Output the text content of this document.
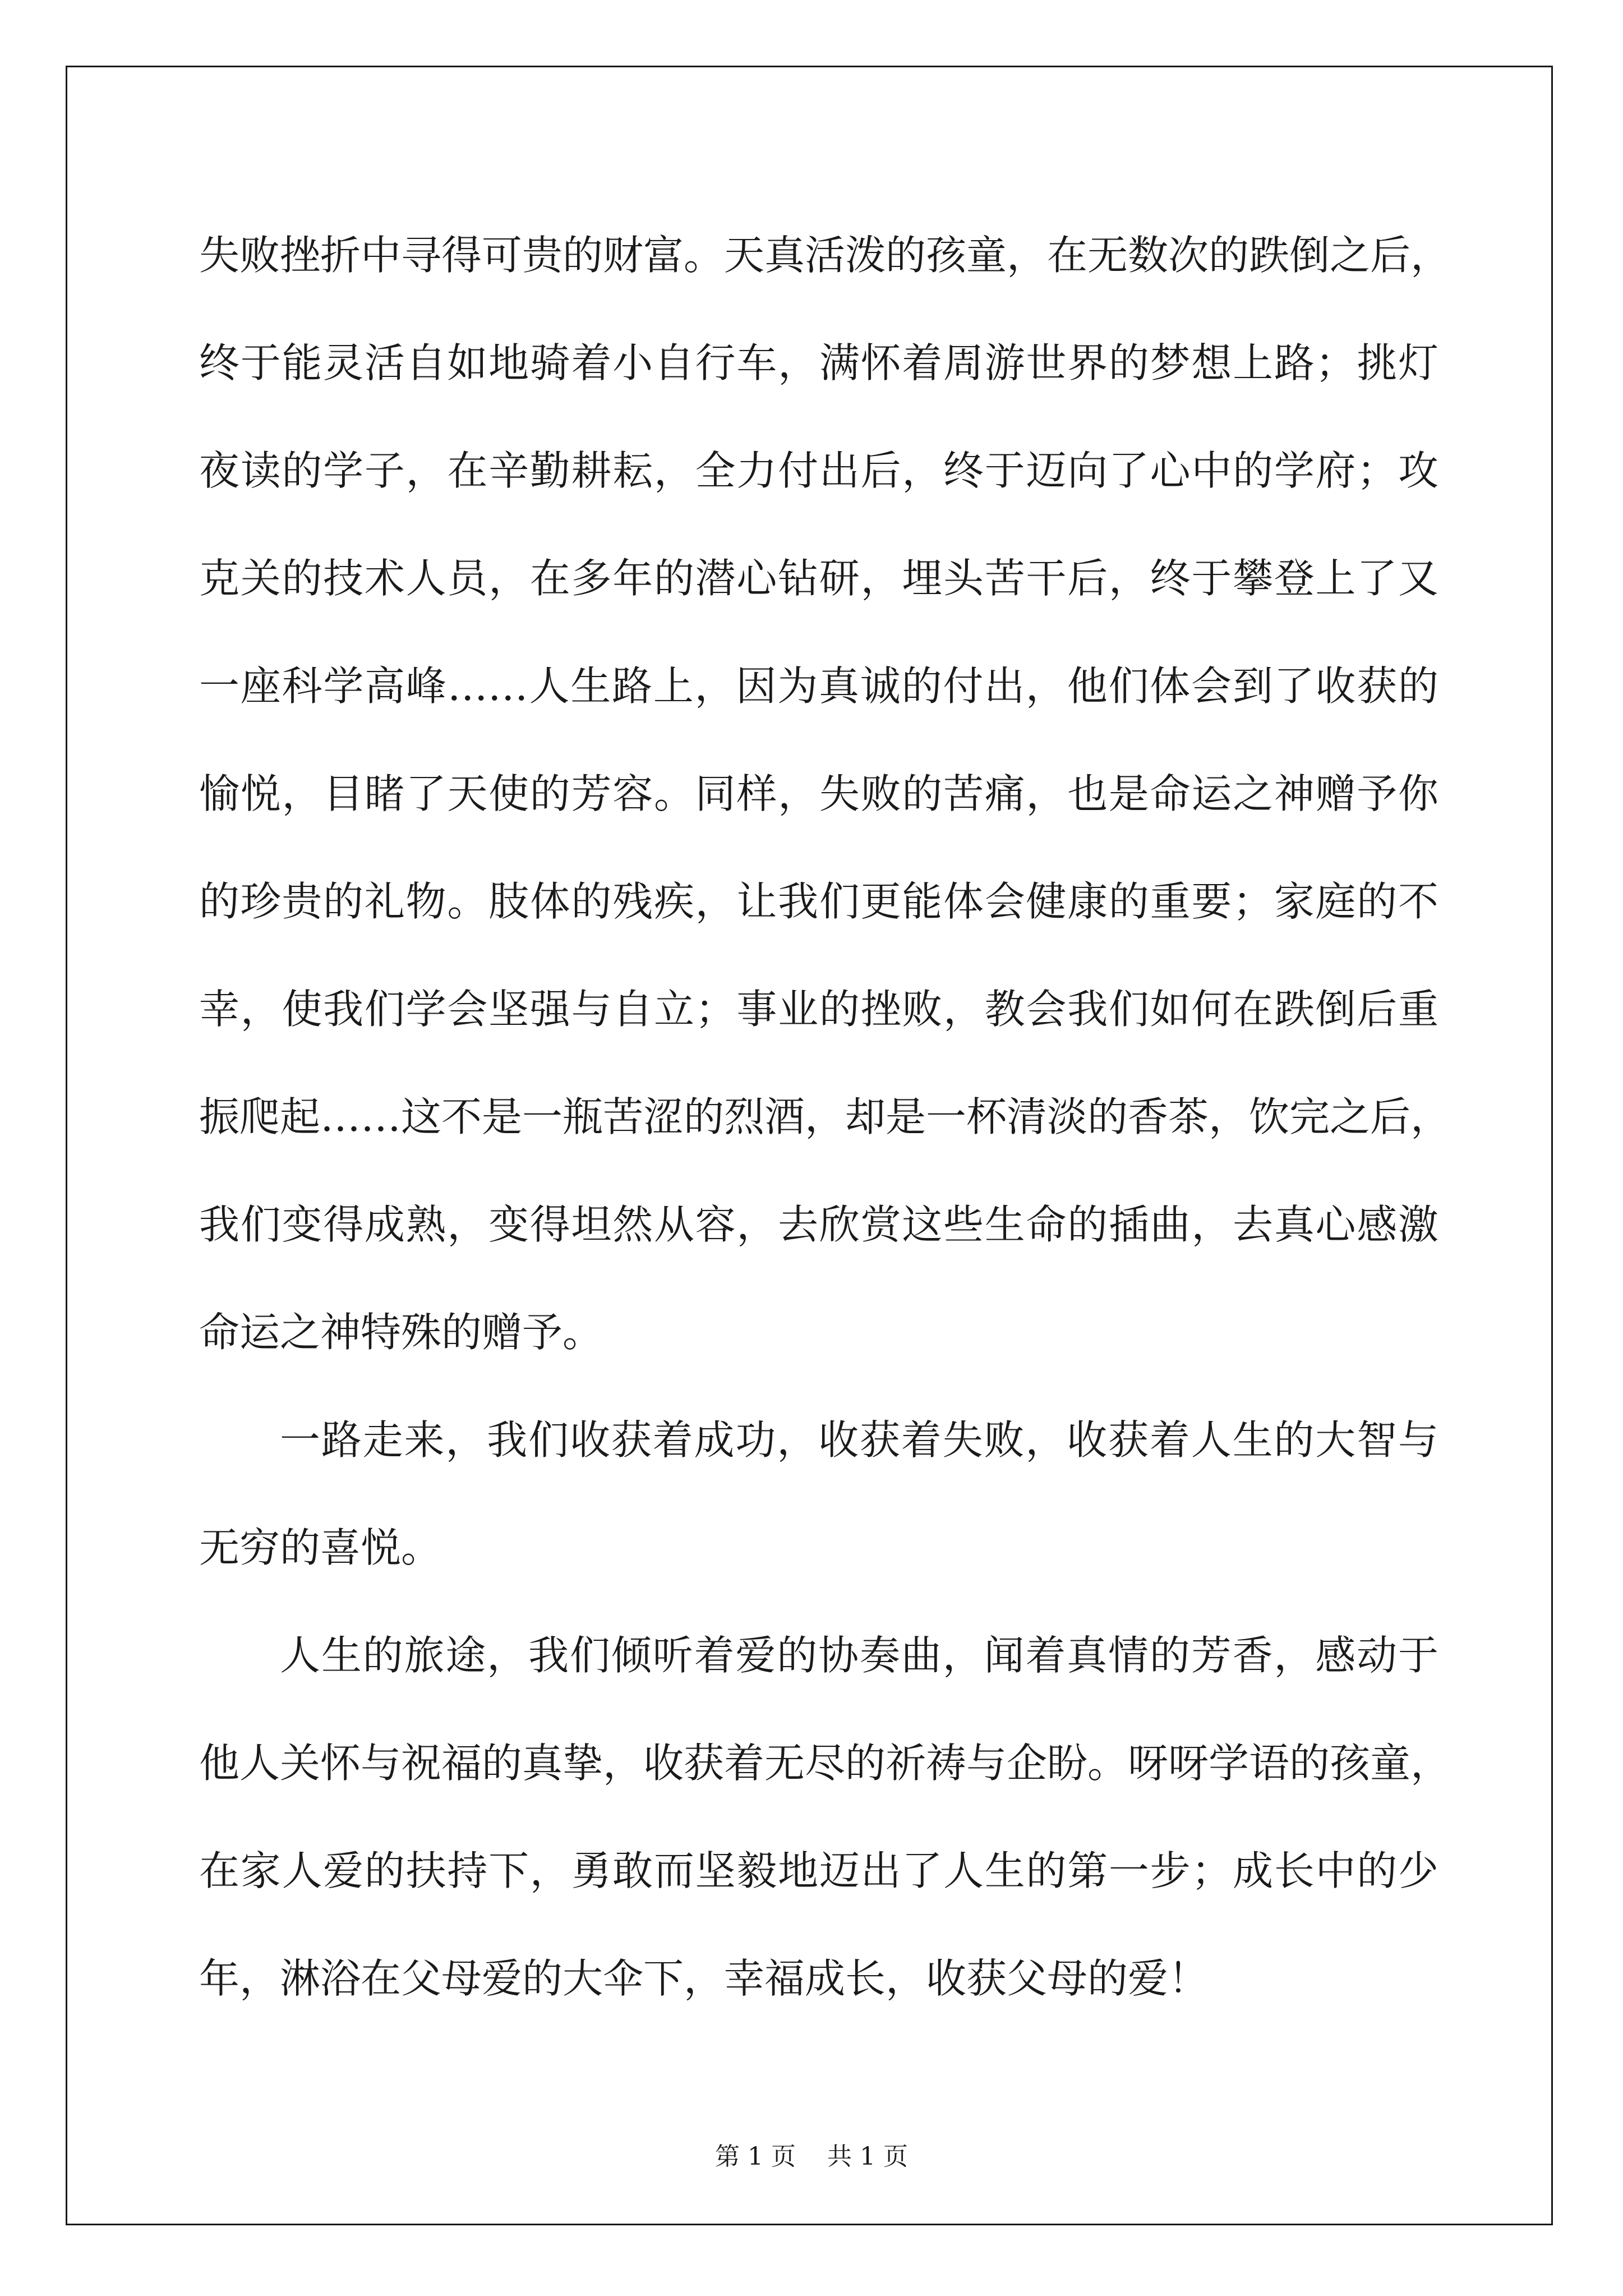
失败挫折中寻得可贵的财富。天真活泼的孩童，在无数次的跌倒之后，
终于能灵活自如地骑着小自行车，满怀着周游世界的梦想上路；挑灯
夜读的学子，在辛勤耕耘，全力付出后，终于迈向了心中的学府；攻
克关的技术人员，在多年的潜心钻研，埋头苦干后，终于攀登上了又
一座科学高峰……人生路上，因为真诚的付出，他们体会到了收获的
愉悦，目睹了天使的芳容。同样，失败的苦痛，也是命运之神赠予你
的珍贵的礼物。肢体的残疾，让我们更能体会健康的重要；家庭的不
幸，使我们学会坚强与自立；事业的挫败，教会我们如何在跌倒后重
振爬起……这不是一瓶苦涩的烈酒，却是一杯清淡的香茶，饮完之后，
我们变得成熟，变得坦然从容，去欣赏这些生命的插曲，去真心感激
命运之神特殊的赠予。
一路走来，我们收获着成功，收获着失败，收获着人生的大智与
无穷的喜悦。
人生的旅途，我们倾听着爱的协奏曲，闻着真情的芳香，感动于
他人关怀与祝福的真挚，收获着无尽的祈祷与企盼。呀呀学语的孩童，
在家人爱的扶持下，勇敢而坚毅地迈出了人生的第一步；成长中的少
年，淋浴在父母爱的大伞下，幸福成长，收获父母的爱！
第 1 页 共 1 页
